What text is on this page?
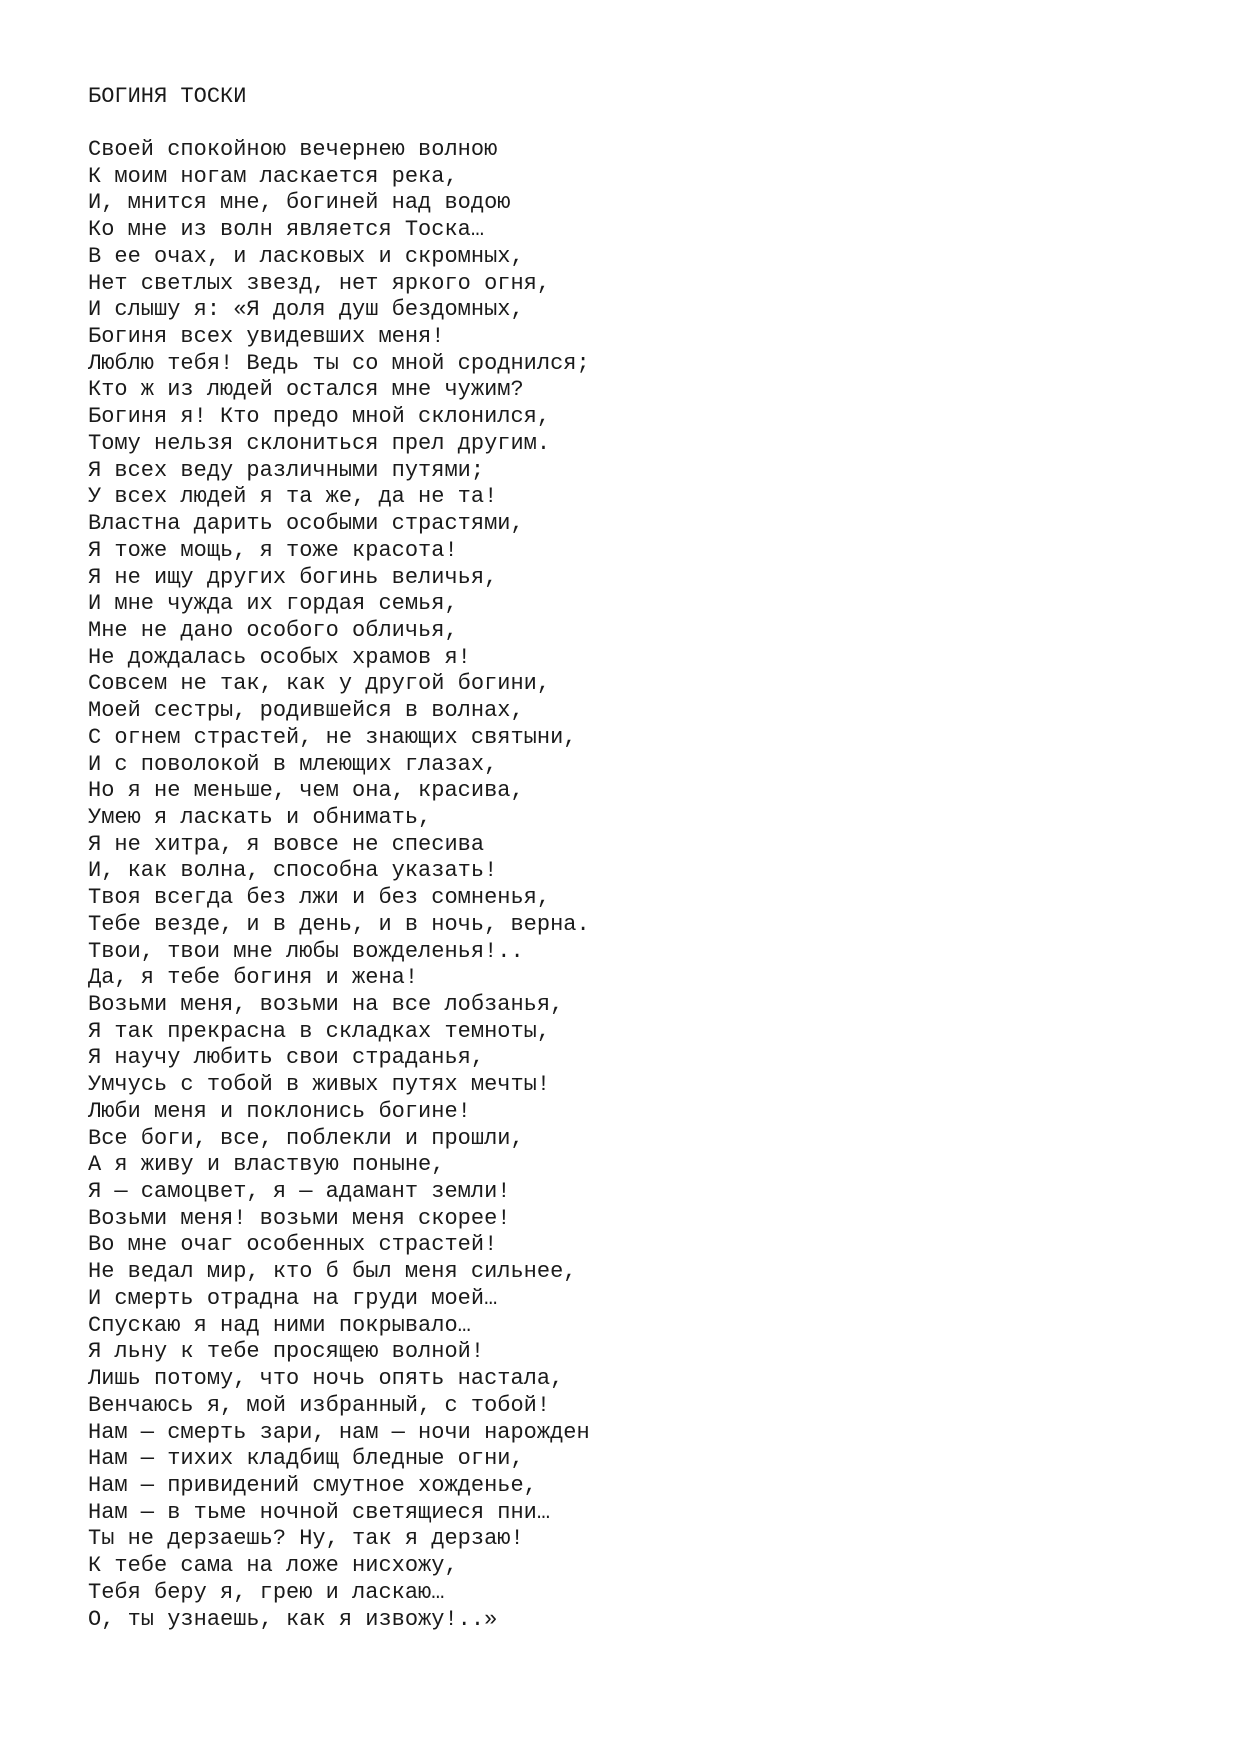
БОГИНЯ ТОСКИ
Своей спокойною вечернею волною
К моим ногам ласкается река,
И, мнится мне, богиней над водою
Ко мне из волн является Тоска…
В ее очах, и ласковых и скромных,
Нет светлых звезд, нет яркого огня,
И слышу я: «Я доля душ бездомных,
Богиня всех увидевших меня!
Люблю тебя! Ведь ты со мной сроднился;
Кто ж из людей остался мне чужим?
Богиня я! Кто предо мной склонился,
Тому нельзя склониться прел другим.
Я всех веду различными путями;
У всех людей я та же, да не та!
Властна дарить особыми страстями,
Я тоже мощь, я тоже красота!
Я не ищу других богинь величья,
И мне чужда их гордая семья,
Мне не дано особого обличья,
Не дождалась особых храмов я!
Совсем не так, как у другой богини,
Моей сестры, родившейся в волнах,
С огнем страстей, не знающих святыни,
И с поволокой в млеющих глазах,
Но я не меньше, чем она, красива,
Умею я ласкать и обнимать,
Я не хитра, я вовсе не спесива
И, как волна, способна указать!
Твоя всегда без лжи и без сомненья,
Тебе везде, и в день, и в ночь, верна.
Твои, твои мне любы вожделенья!..
Да, я тебе богиня и жена!
Возьми меня, возьми на все лобзанья,
Я так прекрасна в складках темноты,
Я научу любить свои страданья,
Умчусь с тобой в живых путях мечты!
Люби меня и поклонись богине!
Все боги, все, поблекли и прошли,
А я живу и властвую поныне,
Я — самоцвет, я — адамант земли!
Возьми меня! возьми меня скорее!
Во мне очаг особенных страстей!
Не ведал мир, кто б был меня сильнее,
И смерть отрадна на груди моей…
Спускаю я над ними покрывало…
Я льну к тебе просящею волной!
Лишь потому, что ночь опять настала,
Венчаюсь я, мой избранный, с тобой!
Нам — смерть зари, нам — ночи нарожден
Нам — тихих кладбищ бледные огни,
Нам — привидений смутное хожденье,
Нам — в тьме ночной светящиеся пни…
Ты не дерзаешь? Ну, так я дерзаю!
К тебе сама на ложе нисхожу,
Тебя беру я, грею и ласкаю…
О, ты узнаешь, как я извожу!..»
